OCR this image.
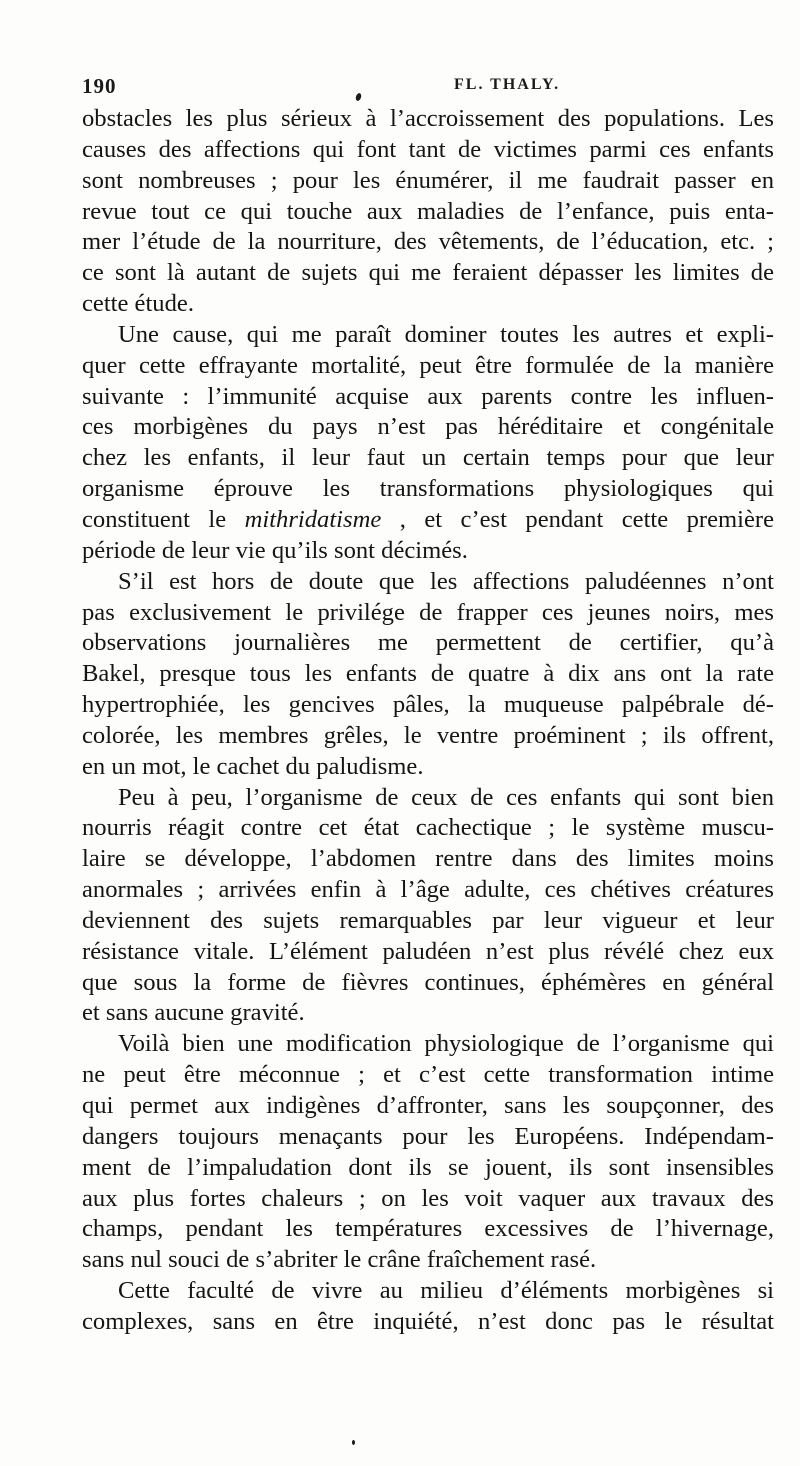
190
	FL. THALY.
obstacles les plus sérieux à l’accroissement des populations. Les
causes des affections qui font tant de victimes parmi ces enfants
sont nombreuses ; pour les énumérer, il me faudrait passer en
revue tout ce qui touche aux maladies de l’enfance, puis enta-
mer l’étude de la nourriture, des vêtements, de l’éducation, etc. ;
ce sont là autant de sujets qui me feraient dépasser les limites de
cette étude.
Une cause, qui me paraît dominer toutes les autres et expli-
quer cette effrayante mortalité, peut être formulée de la manière
suivante : l’immunité acquise aux parents contre les influen-
ces morbigènes du pays n’est pas héréditaire et congénitale
chez les enfants, il leur faut un certain temps pour que leur
organisme éprouve les transformations physiologiques qui
constituent le mithridatisme , et c’est pendant cette première
période de leur vie qu’ils sont décimés.
S’il est hors de doute que les affections paludéennes n’ont
pas exclusivement le privilége de frapper ces jeunes noirs, mes
observations journalières me permettent de certifier, qu’à
Bakel, presque tous les enfants de quatre à dix ans ont la rate
hypertrophiée, les gencives pâles, la muqueuse palpébrale dé-
colorée, les membres grêles, le ventre proéminent ; ils offrent,
en un mot, le cachet du paludisme.
Peu à peu, l’organisme de ceux de ces enfants qui sont bien
nourris réagit contre cet état cachectique ; le système muscu-
laire se développe, l’abdomen rentre dans des limites moins
anormales ; arrivées enfin à l’âge adulte, ces chétives créatures
deviennent des sujets remarquables par leur vigueur et leur
résistance vitale. L’élément paludéen n’est plus révélé chez eux
que sous la forme de fièvres continues, éphémères en général
et sans aucune gravité.
Voilà bien une modification physiologique de l’organisme qui
ne peut être méconnue ; et c’est cette transformation intime
qui permet aux indigènes d’affronter, sans les soupçonner, des
dangers toujours menaçants pour les Européens. Indépendam-
ment de l’impaludation dont ils se jouent, ils sont insensibles
aux plus fortes chaleurs ; on les voit vaquer aux travaux des
champs, pendant les températures excessives de l’hivernage,
sans nul souci de s’abriter le crâne fraîchement rasé.
Cette faculté de vivre au milieu d’éléments morbigènes si
complexes, sans en être inquiété, n’est donc pas le résultat
